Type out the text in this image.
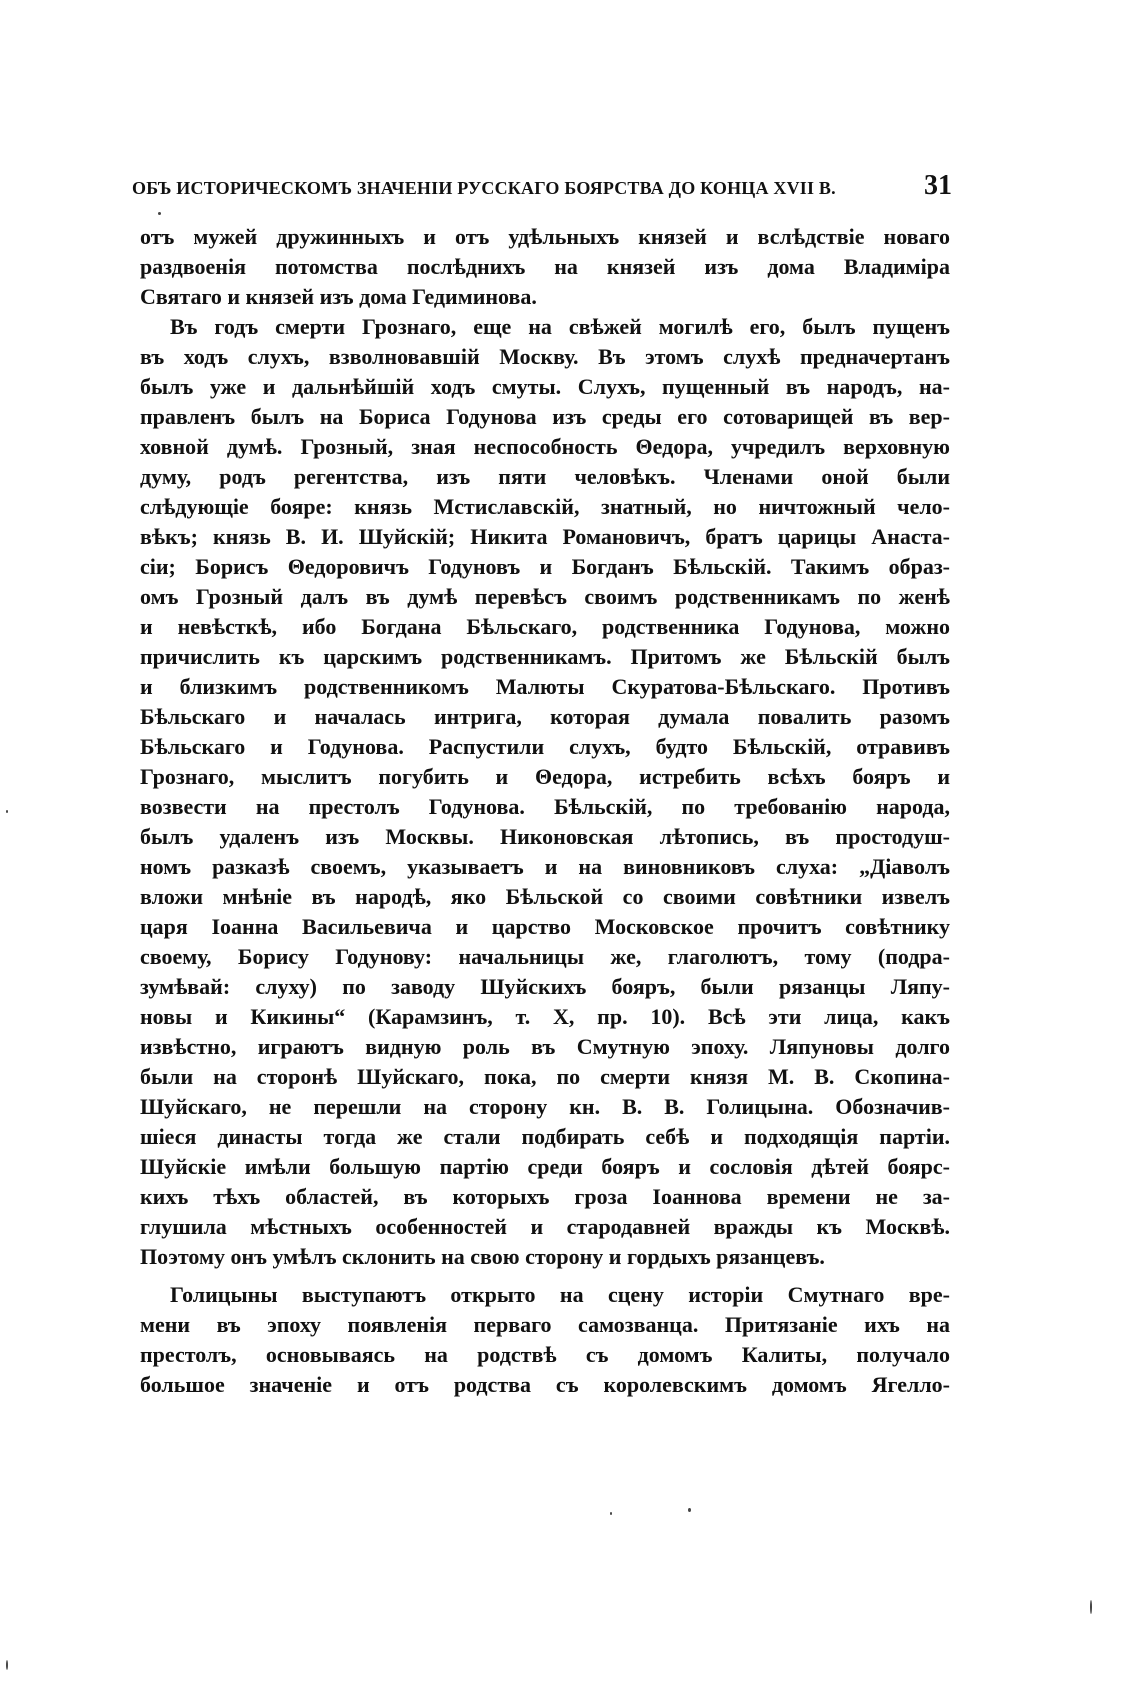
ОБЪ ИСТОРИЧЕСКОМЪ ЗНАЧЕНІИ РУССКАГО БОЯРСТВА ДО КОНЦА XVII В.	31
отъ мужей дружинныхъ и отъ удѣльныхъ князей и вслѣдствіе новаго
раздвоенія потомства послѣднихъ на князей изъ дома Владиміра
Святаго и князей изъ дома Гедиминова.
Въ годъ смерти Грознаго, еще на свѣжей могилѣ его, былъ пущенъ
въ ходъ слухъ, взволновавшій Москву. Въ этомъ слухѣ предначертанъ
былъ уже и дальнѣйшій ходъ смуты. Слухъ, пущенный въ народъ, на-
правленъ былъ на Бориса Годунова изъ среды его сотоварищей въ вер-
ховной думѣ. Грозный, зная неспособность Θедора, учредилъ верховную
думу, родъ регентства, изъ пяти человѣкъ. Членами оной были
слѣдующіе бояре: князь Мстиславскій, знатный, но ничтожный чело-
вѣкъ; князь В. И. Шуйскій; Никита Романовичъ, братъ царицы Анаста-
сіи; Борисъ Θедоровичъ Годуновъ и Богданъ Бѣльскій. Такимъ образ-
омъ Грозный далъ въ думѣ перевѣсъ своимъ родственникамъ по женѣ
и невѣсткѣ, ибо Богдана Бѣльскаго, родственника Годунова, можно
причислить къ царскимъ родственникамъ. Притомъ же Бѣльскій былъ
и близкимъ родственникомъ Малюты Скуратова-Бѣльскаго. Противъ
Бѣльскаго и началась интрига, которая думала повалить разомъ
Бѣльскаго и Годунова. Распустили слухъ, будто Бѣльскій, отравивъ
Грознаго, мыслитъ погубить и Θедора, истребить всѣхъ бояръ и
возвести на престолъ Годунова. Бѣльскій, по требованію народа,
былъ удаленъ изъ Москвы. Никоновская лѣтопись, въ простодуш-
номъ разказѣ своемъ, указываетъ и на виновниковъ слуха: „Діаволъ
вложи мнѣніе въ народѣ, яко Бѣльской со своими совѣтники извелъ
царя Іоанна Васильевича и царство Московское прочитъ совѣтнику
своему, Борису Годунову: начальницы же, глаголютъ, тому (подра-
зумѣвай: слуху) по заводу Шуйскихъ бояръ, были рязанцы Ляпу-
новы и Кикины“ (Карамзинъ, т. X, пр. 10). Всѣ эти лица, какъ
извѣстно, играютъ видную роль въ Смутную эпоху. Ляпуновы долго
были на сторонѣ Шуйскаго, пока, по смерти князя М. В. Скопина-
Шуйскаго, не перешли на сторону кн. В. В. Голицына. Обозначив-
шіеся династы тогда же стали подбирать себѣ и подходящія партіи.
Шуйскіе имѣли большую партію среди бояръ и сословія дѣтей боярс-
кихъ тѣхъ областей, въ которыхъ гроза Іоаннова времени не за-
глушила мѣстныхъ особенностей и стародавней вражды къ Москвѣ.
Поэтому онъ умѣлъ склонить на свою сторону и гордыхъ рязанцевъ.
Голицыны выступаютъ открыто на сцену исторіи Смутнаго вре-
мени въ эпоху появленія перваго самозванца. Притязаніе ихъ на
престолъ, основываясь на родствѣ съ домомъ Калиты, получало
большое значеніе и отъ родства съ королевскимъ домомъ Ягелло-
